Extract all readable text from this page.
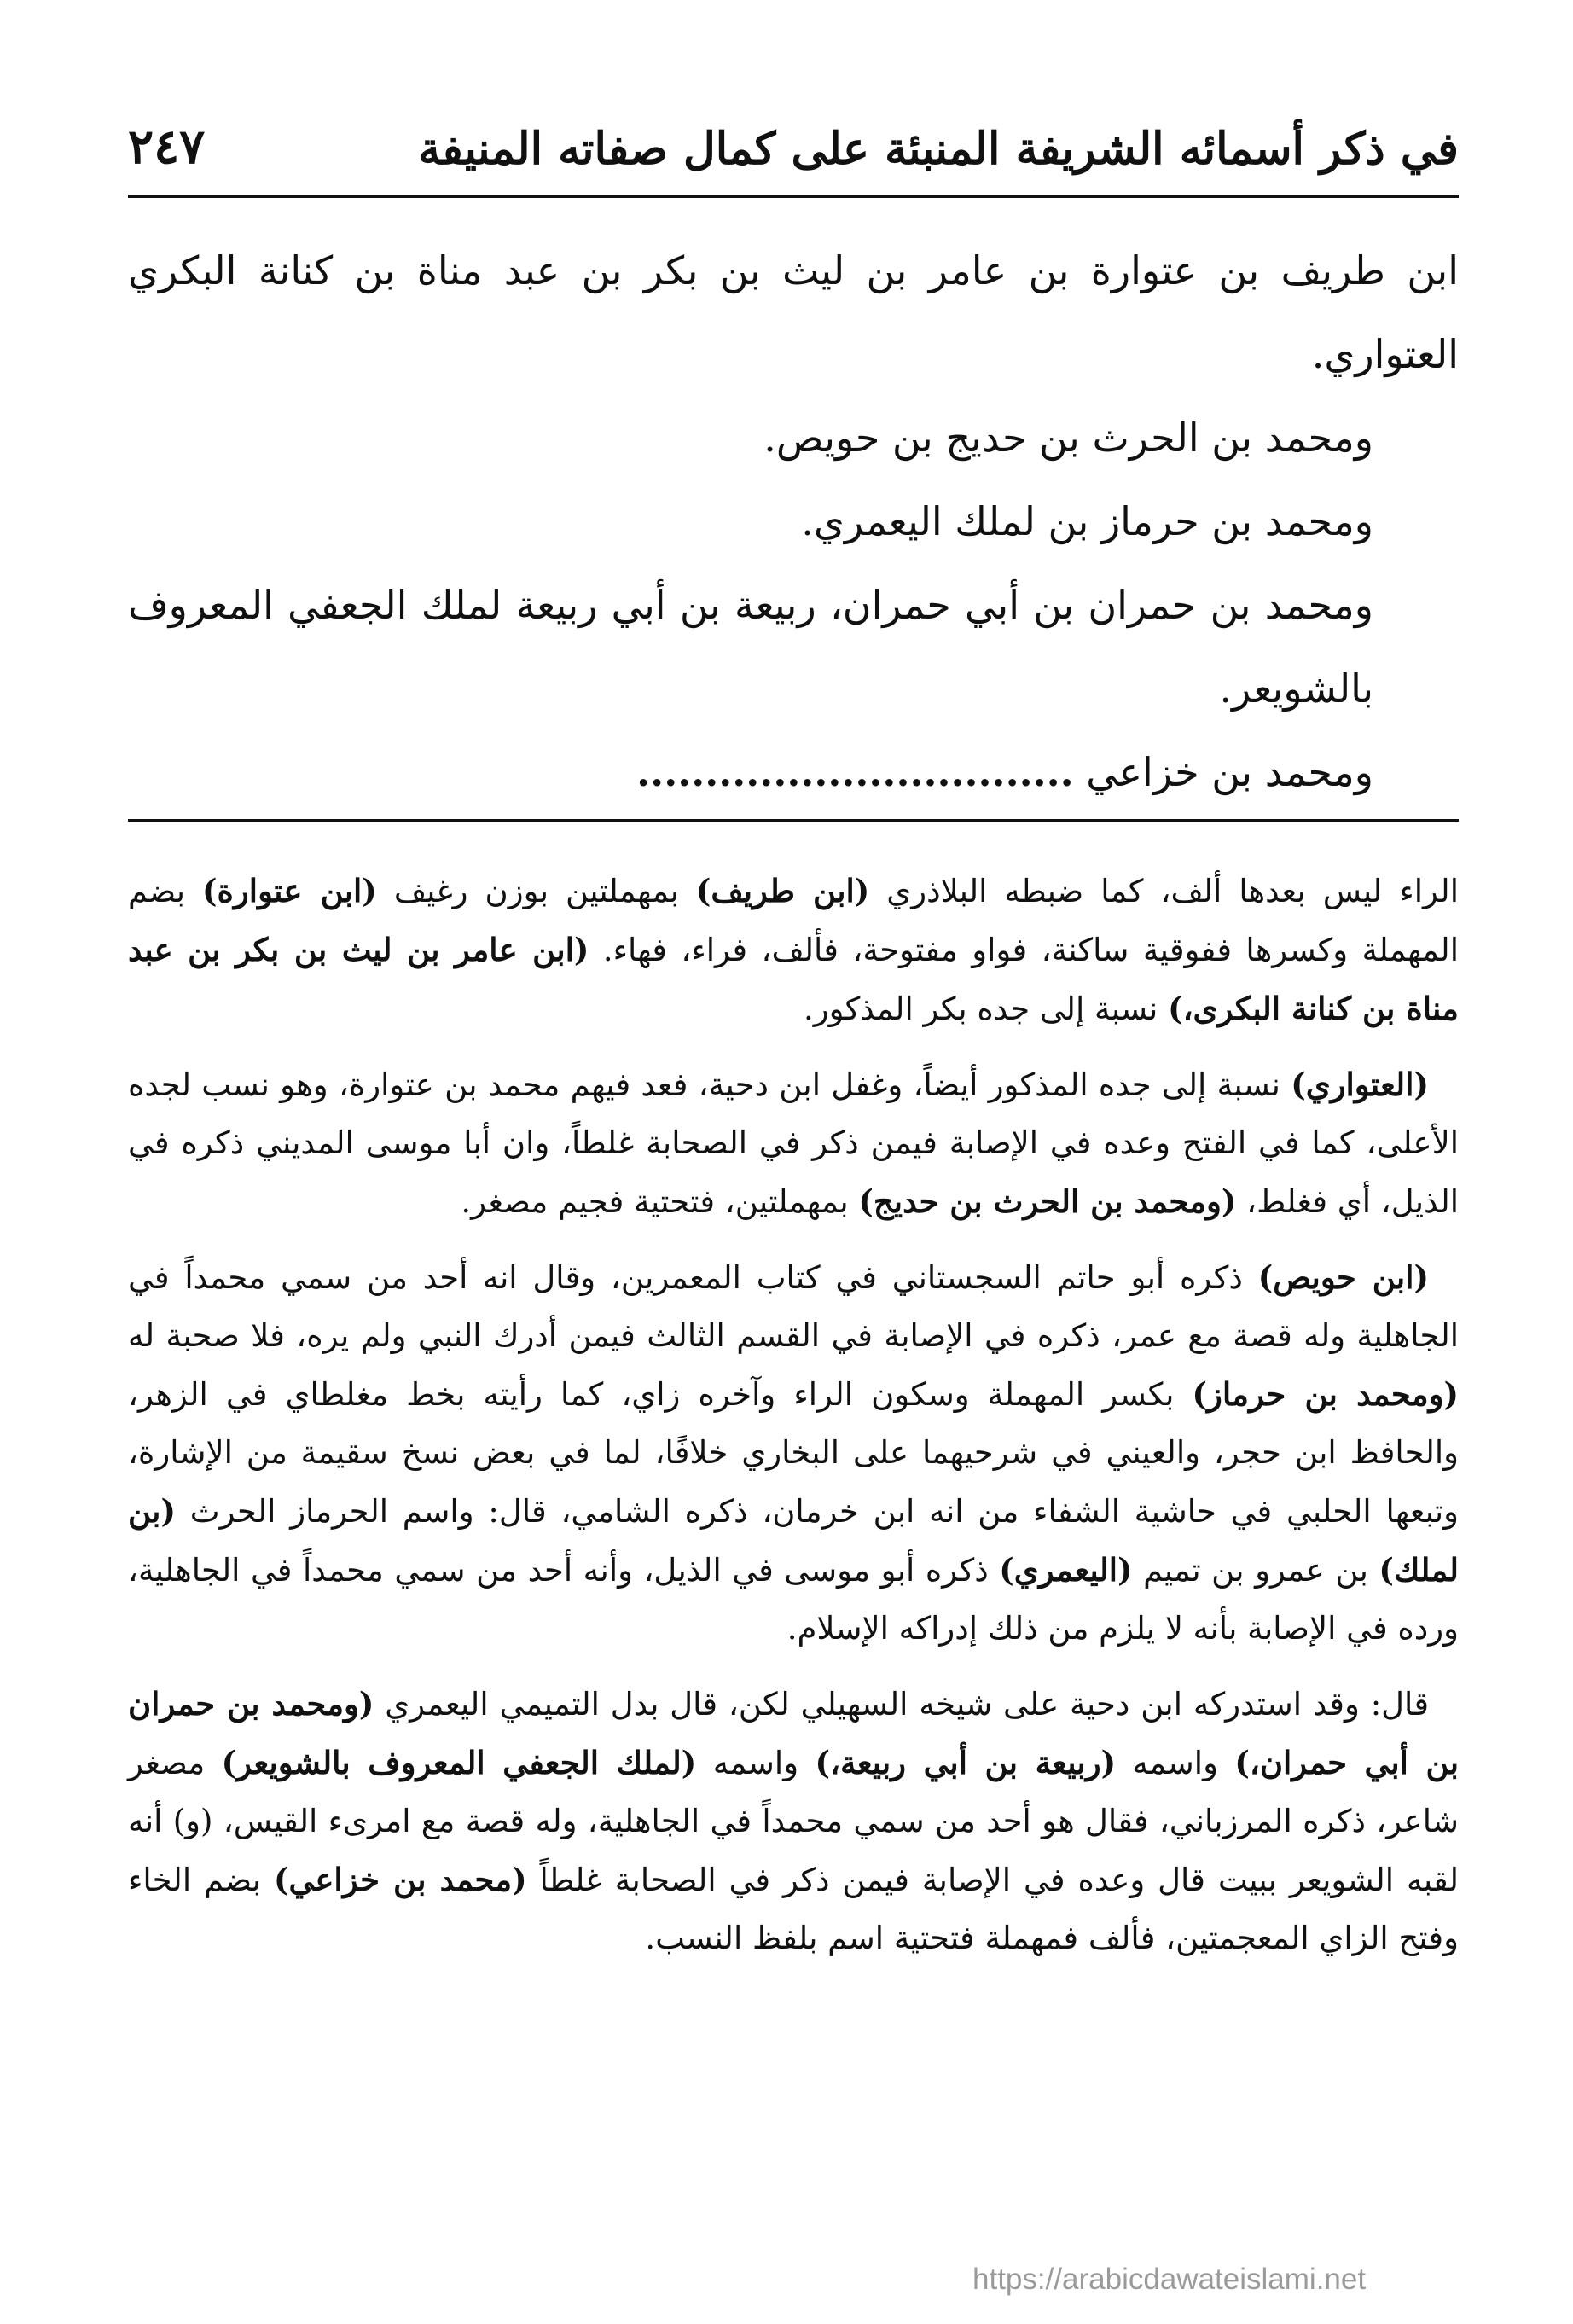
في ذكر أسمائه الشريفة المنبئة على كمال صفاته المنيفة
٢٤٧

ابن طريف بن عتوارة بن عامر بن ليث بن بكر بن عبد مناة بن كنانة البكري العتواري.

ومحمد بن الحرث بن حديج بن حويص.

ومحمد بن حرماز بن لملك اليعمري.

ومحمد بن حمران بن أبي حمران، ربيعة بن أبي ربيعة لملك الجعفي المعروف بالشويعر.

ومحمد بن خزاعي ................................

الراء ليس بعدها ألف، كما ضبطه البلاذري (ابن طريف) بمهملتين بوزن رغيف (ابن عتوارة) بضم المهملة وكسرها ففوقية ساكنة، فواو مفتوحة، فألف، فراء، فهاء. (ابن عامر بن ليث بن بكر بن عبد مناة بن كنانة البكرى،) نسبة إلى جده بكر المذكور.

(العتواري) نسبة إلى جده المذكور أيضاً، وغفل ابن دحية، فعد فيهم محمد بن عتوارة، وهو نسب لجده الأعلى، كما في الفتح وعده في الإصابة فيمن ذكر في الصحابة غلطاً، وان أبا موسى المديني ذكره في الذيل، أي فغلط، (ومحمد بن الحرث بن حديج) بمهملتين، فتحتية فجيم مصغر.

(ابن حويص) ذكره أبو حاتم السجستاني في كتاب المعمرين، وقال انه أحد من سمي محمداً في الجاهلية وله قصة مع عمر، ذكره في الإصابة في القسم الثالث فيمن أدرك النبي ولم يره، فلا صحبة له (ومحمد بن حرماز) بكسر المهملة وسكون الراء وآخره زاي، كما رأيته بخط مغلطاي في الزهر، والحافظ ابن حجر، والعيني في شرحيهما على البخاري خلافًا، لما في بعض نسخ سقيمة من الإشارة، وتبعها الحلبي في حاشية الشفاء من انه ابن خرمان، ذكره الشامي، قال: واسم الحرماز الحرث (بن لملك) بن عمرو بن تميم (اليعمري) ذكره أبو موسى في الذيل، وأنه أحد من سمي محمداً في الجاهلية، ورده في الإصابة بأنه لا يلزم من ذلك إدراكه الإسلام.

قال: وقد استدركه ابن دحية على شيخه السهيلي لكن، قال بدل التميمي اليعمري (ومحمد بن حمران بن أبي حمران،) واسمه (ربيعة بن أبي ربيعة،) واسمه (لملك الجعفي المعروف بالشويعر) مصغر شاعر، ذكره المرزباني، فقال هو أحد من سمي محمداً في الجاهلية، وله قصة مع امرىء القيس، (و) أنه لقبه الشويعر ببيت قال وعده في الإصابة فيمن ذكر في الصحابة غلطاً (محمد بن خزاعي) بضم الخاء وفتح الزاي المعجمتين، فألف فمهملة فتحتية اسم بلفظ النسب.

https://arabicdawateislami.net
